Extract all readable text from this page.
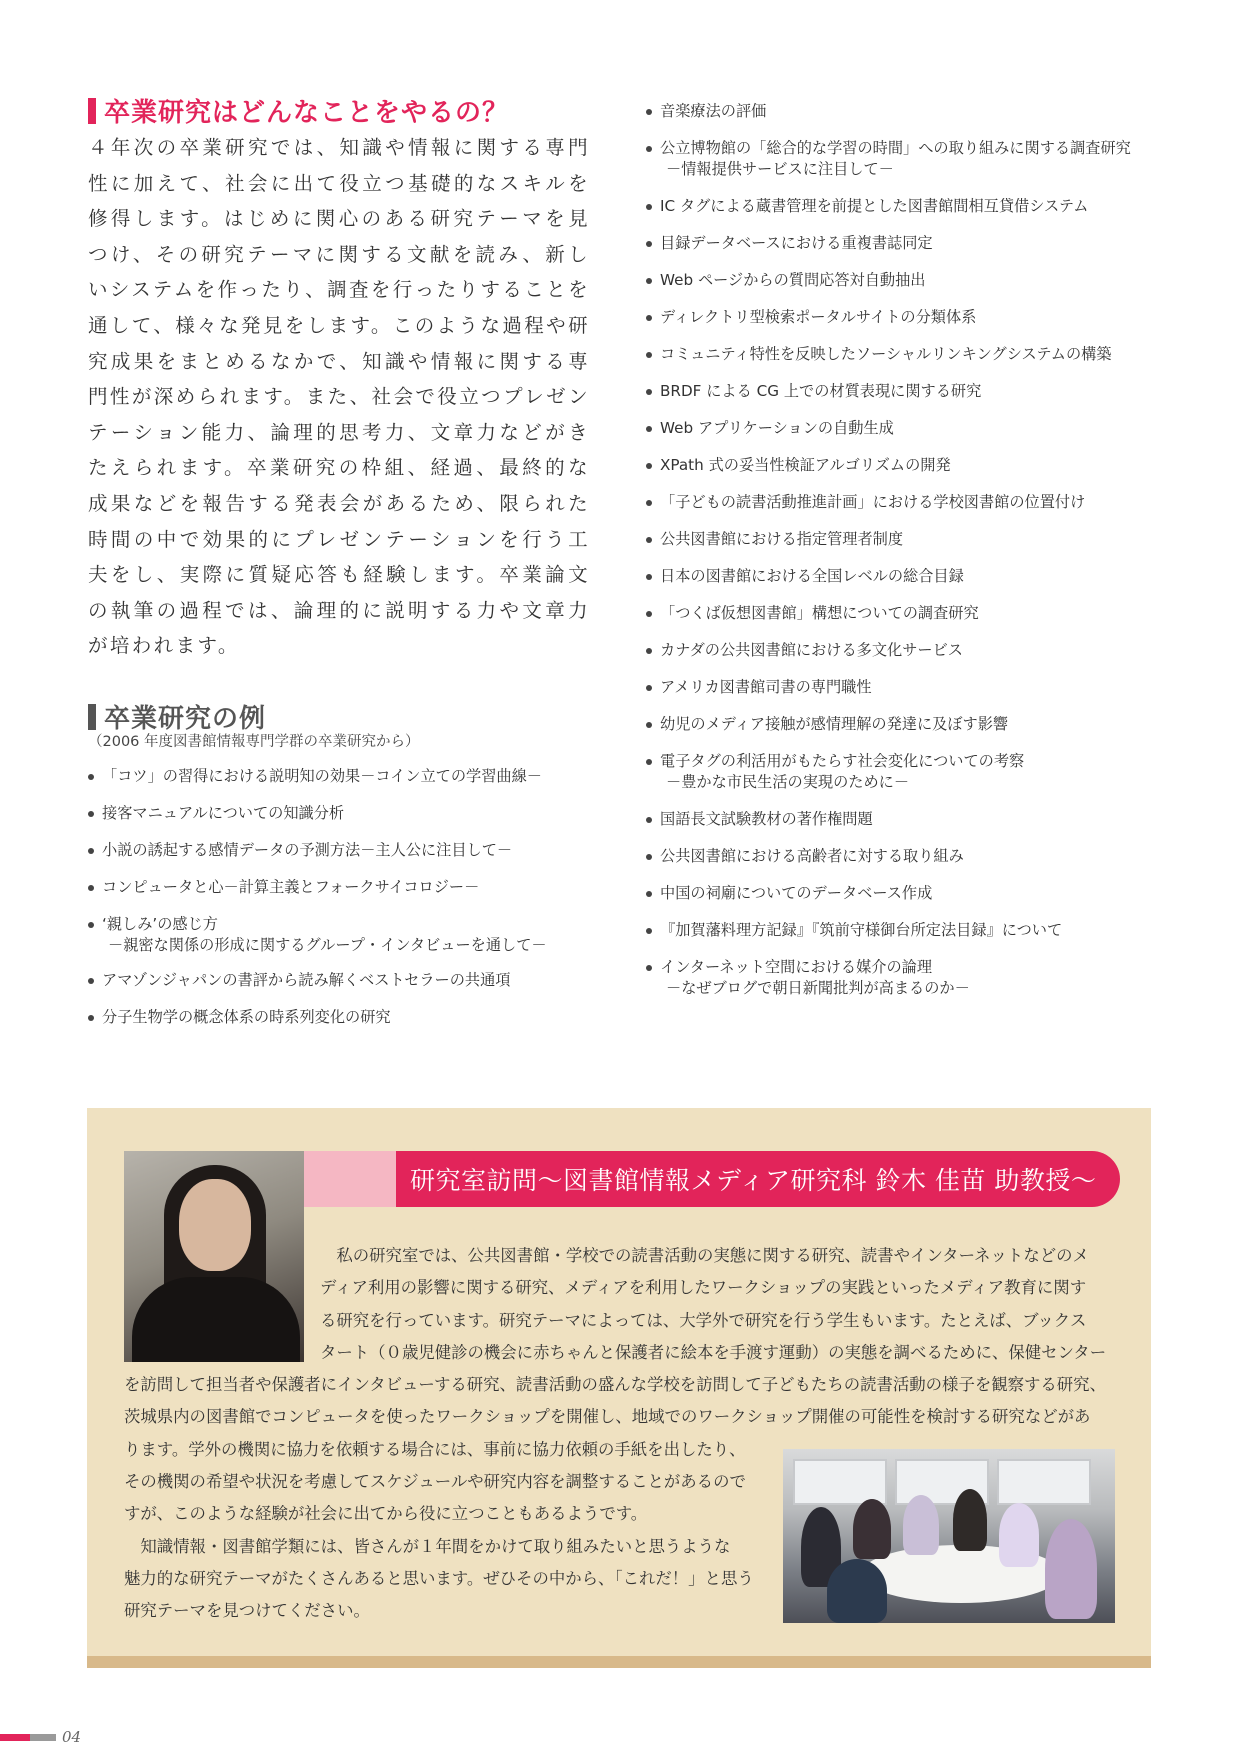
卒業研究はどんなことをやるの？

４年次の卒業研究では、知識や情報に関する専門性に加えて、社会に出て役立つ基礎的なスキルを修得します。はじめに関心のある研究テーマを見つけ、その研究テーマに関する文献を読み、新しいシステムを作ったり、調査を行ったりすることを通して、様々な発見をします。このような過程や研究成果をまとめるなかで、知識や情報に関する専門性が深められます。また、社会で役立つプレゼンテーション能力、論理的思考力、文章力などがきたえられます。卒業研究の枠組、経過、最終的な成果などを報告する発表会があるため、限られた時間の中で効果的にプレゼンテーションを行う工夫をし、実際に質疑応答も経験します。卒業論文の執筆の過程では、論理的に説明する力や文章力が培われます。

卒業研究の例
（2006 年度図書館情報専門学群の卒業研究から）
「コツ」の習得における説明知の効果－コイン立ての学習曲線－
接客マニュアルについての知識分析
小説の誘起する感情データの予測方法－主人公に注目して－
コンピュータと心－計算主義とフォークサイコロジー－
‘親しみ’の感じ方
－親密な関係の形成に関するグループ・インタビューを通して－
アマゾンジャパンの書評から読み解くベストセラーの共通項
分子生物学の概念体系の時系列変化の研究
音楽療法の評価
公立博物館の「総合的な学習の時間」への取り組みに関する調査研究
－情報提供サービスに注目して－
IC タグによる蔵書管理を前提とした図書館間相互貸借システム
目録データベースにおける重複書誌同定
Web ページからの質問応答対自動抽出
ディレクトリ型検索ポータルサイトの分類体系
コミュニティ特性を反映したソーシャルリンキングシステムの構築
BRDF による CG 上での材質表現に関する研究
Web アプリケーションの自動生成
XPath 式の妥当性検証アルゴリズムの開発
「子どもの読書活動推進計画」における学校図書館の位置付け
公共図書館における指定管理者制度
日本の図書館における全国レベルの総合目録
「つくば仮想図書館」構想についての調査研究
カナダの公共図書館における多文化サービス
アメリカ図書館司書の専門職性
幼児のメディア接触が感情理解の発達に及ぼす影響
電子タグの利活用がもたらす社会変化についての考察
－豊かな市民生活の実現のために－
国語長文試験教材の著作権問題
公共図書館における高齢者に対する取り組み
中国の祠廟についてのデータベース作成
『加賀藩料理方記録』『筑前守様御台所定法目録』について
インターネット空間における媒介の論理
－なぜブログで朝日新聞批判が高まるのか－
研究室訪問～図書館情報メディア研究科 鈴木 佳苗 助教授～
　私の研究室では、公共図書館・学校での読書活動の実態に関する研究、読書やインターネットなどのメ
ディア利用の影響に関する研究、メディアを利用したワークショップの実践といったメディア教育に関す
る研究を行っています。研究テーマによっては、大学外で研究を行う学生もいます。たとえば、ブックス
タート（０歳児健診の機会に赤ちゃんと保護者に絵本を手渡す運動）の実態を調べるために、保健センター
を訪問して担当者や保護者にインタビューする研究、読書活動の盛んな学校を訪問して子どもたちの読書活動の様子を観察する研究、
茨城県内の図書館でコンピュータを使ったワークショップを開催し、地域でのワークショップ開催の可能性を検討する研究などがあ
ります。学外の機関に協力を依頼する場合には、事前に協力依頼の手紙を出したり、
その機関の希望や状況を考慮してスケジュールや研究内容を調整することがあるので
すが、このような経験が社会に出てから役に立つこともあるようです。
　知識情報・図書館学類には、皆さんが１年間をかけて取り組みたいと思うような
魅力的な研究テーマがたくさんあると思います。ぜひその中から、「これだ！」と思う
研究テーマを見つけてください。
04
